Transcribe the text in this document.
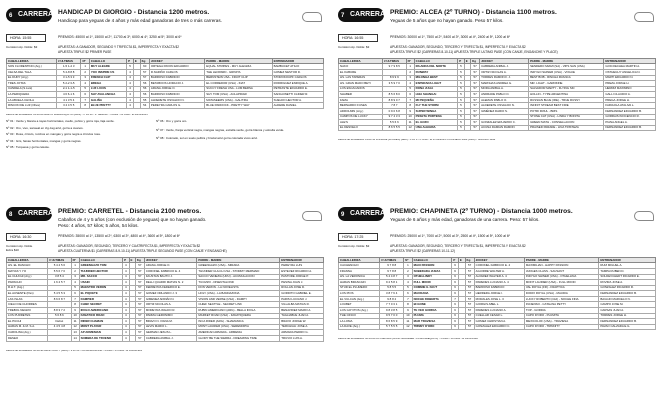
6 CARRERA HANDICAP DI GIORGIO - Distancia 1200 metros.
Handicap para yeguas de 4 años y más edad ganadoras de tres o más carreras.
HORA: 15:55	PREMIOS: 45000 al 1º, 15000 al 2º, 11700 al 3º, 6000 al 4º, 3250 al 5º, 3000 al 6º
Comisión Ap. Doble: $3	APUESTAS: A GANADOR, SEGUNDO Y TRIFECTA $1, IMPERFECTA Y EXACTA $2
APUESTA TRIPLE $2 PRIMER PASE
CABALLERIZA	# ULTIMAS	Nº	CABALLO	P	E	Kg	JOCKEY	PADRE - MADRE	ENTRENADOR
SON FLORENTINO (Arg.)	1-5 1-2 3	1	MUY ALEGRE	5		60	ORTEGA PAVON EDUARDO	EQUAL STRIPES - MUY ALEGRIA	BAMBUCET ATILIO
CELSA DEL TALA	5 4-8 8 8	2	YOU INSPIRE US	4		57	R.NARIÑO CARLOS	THE LEOPARD - GRINITA	GOMEZ NESTOR D.
EL DUDY (Arg.)	3 1-5 3 3	3	FRENCH CLIP	4		57	BARROSO FABRICIO	BERNSTEIN USA - FRUIT CLIP	STOROKOUPF CARLOS
TRES JOTAS	5 2-2 3-5	4	BREGA	4		56	BETABOOS HORACIO J.	EL CORREDOR (USA) - INAT	RODRIGUEZ ENRIQUE A.
CANDELA (S.Luis)	2-1 1-1-5	5	LUZ LUCIS	4		56	ARANA JORGE O.	SUCCY FRESH USA - LUM BERSA	PETRASTE EDUARDO E.
LA PERIQUERA	4 6 6-1 6	6	SHY AVALANCHA	4		56	BARROSO FABRICIO	SHY TOM (USA) - ACLAPIDAR	SANGUINETTI CLIDER R.
LA ABUELA CHOLA	4 1 3 5 4	7	GALIÑA	4		55	ALDERETE OSVALDO N.	MATASEEMS (USA) - GALITZIA	SUELDO HECTOR A.
RINCON DE LUZ (Oliva)	3 4 4 5 5	8	BLUE PRETTY	4		54	PEREYRA CARLOS G.	BLUE PADDOCK - PRETTY WAY	ALDERE DANIEL
Récord de la distancia: 01-10-09 HARTO BURRASQUITO (ARG) - 1' 09"00 - P. Sanchez - 5 Años - 61 Kilos - el 20/10/2005
Nº 01 : Verde y blanca a rayas horizontales, cuello, puños y gorra roja, faja verde.
Nº 02 : Oro, vivo, sanseal en zig-zag azul, gorra a cuanos.
Nº 03 : Rosa, círculo, rombos en mangas y gorra negra a círculos rosa.
Nº 04 : Gris, faixas horizontales, mangas y gorra negras.
Nº 05 : Turquesa y gorra celeste.
Nº 06 : Oro y gorra oro.
Nº 07 : Verde, franja vertical negra, mangas negras, estrella verde, gorra blanca y estrella verde.
Nº 08 : Colorado, sol en suelo pelliza y brazal azul gorra colorada vivos azul.
7 CARRERA PREMIO: ALCEA (2º TURNO) - Distancia 1100 metros.
Yeguas de 5 años que no hayan ganado. Peso 57 kilos.
HORA: 16:55	PREMIOS: 30000 al 1º, 7500 al 2º, 5400 al 3º, 3000 al 4º, 2400 al 5º, 1200 al 6º
Comisión Ap. Doble: $3	APUESTAS: GANADOR, SEGUNDO, TERCERO Y TRIFECTA $1, IMPERFECTA Y EXACTA $2
APUESTA TRIPLE $2 (CARRERAS 8-10-11) APUESTA TRIPLE ULTIMO PASE (CON CANJE, ENGANCHE Y PLACE)
CABALLERIZA	# ULTIMAS	Nº	CABALLO	P	E	Kg	JOCKEY	PADRE - MADRE	ENTRENADOR
NAKO	9 7 9 8 5	1	IRLANDA DEL NORTE	5		57	CABRERA ANIBAL J.	SENDERO MIAMI (SA) - VIPS SAN (USA)	GOICOECHEA MARTIN A.
EL KABURE		2	RUNWAY	5		57	ORTIZ NICOLAS A.	INDYGO SHINER (USA) - VOGUE	OSTHEGUY ANGELICA N.
HS. LAS TAPERAS	8 9 9 9	3	MILONGA BEST	5		57	TORRES RAMON F. J.	BEST BOB - RINCHA FRANCA	MARTI EDUARDO N.
HS. GRAN MADO BETI	3 5 9 7 0	4	ESPERADA LIGHT	5		57	MARNHAS ANDREA G.	MR. LIGHT - GARDINNE	PREZA JORGE H.
LOS ESCACADOS		5	DOÑA JULIA	5		57	MORA ANIBAL A.	SALVADOR MARTY - FLYING SKI	HERRIZ MAXIMINO
SHABER	8 5 6 8 0	6	HIJA SHANGAI	5		57	ANDRADE PABLO O.	HOLLIN - TYPE ARGENTINA	GALLI CLAUDIO A.
FAMA	8 8 9 0 7	7	MI PEQUEÑA	5		57	ALEMAN PABLO O.	RUSSIAN BLUE (IRE) - TRUE RUSSY	PREGA JORGE H.
BERNARDO FUSES	7 8 7	8	FLY THE STORM	5		57	ALDERETE OSVALDO N.	INFINIT STREAM BEST FIRE	FARIAOLA ATALIVA L.
ADROLMIN (Arg.)	0 9 0 6 8	9	SUPER WINGA	5		57	GIMÉNEZ DARIO S.	POTRI FRIUL - BRIS	FERNANDEZ EDUARDO B.
CAMPOS DE LUCKY	9 7 4 3 3	10	PESETA PORTEÑA	5		57		STONE CAT (USA) - LINDA Y BONITA	GORRAIS INOCENCIO R.
ALE'S	5 5 6 6	11	EL GOZO	5		57	GONZALEZ EDUARDO C.	GREEN MATH - CONSELLACION	PIANA ANGEL A.
EL DESVELO	8 6 5 5 5	12	UNA ALEGRIA	5		57	ACUÑA DAMIAN RAMON	PRAISED PARADE - LINA TRISTEZA	FERNANDEZ EDUARDO B.
Récord de la distancia: 11-01-11 PINNACE (FLORES) (BRZ) - 1'05"0 - P. Arce - el 17/08/2014 J.CONSEJO 2002 (ARG) - ISIDORO 1993
8 CARRERA PREMIO: CARRETEL - Distancia 2100 metros.
Caballos de 4 y 5 años (con exclusión de yeguas) que no hayan ganado.
Peso: 4 años, 57 kilos; 5 años, 54 kilos.
HORA: 16:30	PREMIOS: 35000 al 1º, 13500 al 2º, 6300 al 3º, 4800 al 4º, 3600 al 5º, 1800 al 6º
Comisión Ap. Doble
Extra $10
APUESTAS: GANADOR, SEGUNDO, TERCERO Y CUATRIFECTA $1, IMPERFECTA Y EXACTA $2
APUESTA CUATERNA $1 (CARRERAS 8-9-10-11) APUESTA TRIPLE SEGUNDO PASE (CON CANJE Y ENGANCHE)
CABALLERIZA	# ULTIMAS	Nº	CABALLO	P	E	Kg	JOCKEY	PADRE - MADRE	ENTRENADOR
HS. EL RANCHO	5 4 4 5 6	1	GREENGAZO TOM	4		57	ARANA JORGE O.	GREENGAZO (USA) - MIRADA	PEREYRA LUIS
MATIAS Y YO	5 5 6 7 0	2	THUNDER HECTOR	4		57	CORONEL FABRICIO E. 4	THUNDER GULCH USA - STORMY MERMAID	ESTEVEZ RICARDO A.
EL CHUCHI (Arg.)	3 8 5 4	3	MR. SACCO	4		57	FAUSTAN BAUTO J.	SACCO VENEZIA (URU) - ACUMULACION	PASTORE JORGE P.
PAPACHO	1 6 4 5 7	4	USAIN	4		57	DELLI QUADRI MATIAS N. 2	TUCIZZO - DISENTALOND	PESINA JUAN J.
R.H.T. (Arg.)		5	MAESTRO VERÓN	4		57	FERREYRA FEDERICO E.	DON VERON - LA NOVELISTA	ROLLAN JOSE D.
EL AUSENTE (Pan)	5 4 5 5 3	6	EL PIQUETE	4		57	GOMEZ ORLANDO J. 3	HOLY (USA) - LA BANDAZONA	GORDITO GABRIEL E.
LAS ISLAS	8 6 6 8 7	7	DAMPIER	4		57	GIMENEZ ADRIÁN N.	VISION AND VERSE (USA) - DAMPY	PARISI LUCIANO J.
CIELO DE CHORRES		8	CHIEF SECRET	4		57	ORTIZ NICOLAS A.	CHIEF SEATTLE - SECRET LINK	VILLALBA MATIAS R.
TREBOL NEGRO	8 8 3 7 2	9	IDOLO AMERICANO	4		57	MOREYRA WALDO R.	RUBIN AMERICANO (ARG) - BELLA IDOLA	BENAVIDEZ MARIO A.
LOS PURRETES	5 6 8 6	10	FANATICO ROAD	4		57	PARMA GERONIMO	MARKET ROAD (USA) - FANATIQUERA	TAGLIABUE JUAN A.
EL PUCHI	Debut	11	RIDER CHAMAN	4		57	BRAVO N. IVANA M.	INCA RIDER (ARG) - SHAMANICA	BRAVO JORGE W.
HARAS M. & M. S.A.	4 4 5 4 8	12	MONT PLAYER	4		57	LEVIS MARIO L.	MONT LAURIER (USA) - SERENDIPIA	TERCHIALI JOSE A.
CAROLINA (Arg.)		13	AP ARMENIAN	4		57	GERMAN JESUS L.	AMERICAN ARMADA - ARMENIA	ARMADA PEDRO G.
DESEO		14	SOMBRA DE TRUENO	4		57	CABRERA ANIBAL J.	GLORY BE THE SIERRA - DREAMING TIME	TRUVIO LUIS A.
Récord de la distancia: 02-06-93 ARISTOCATY (ARG) - 2'10"00 - LA GANDOLFINA - 3 Años - 55 Kilos - el 16/06/1993
9 CARRERA PREMIO: CHAPINETA (2º TURNO) - Distancia 1000 metros.
Yeguas de 6 años y más edad, ganadoras de una carrera. Peso: 57 kilos.
HORA: 17:25	PREMIOS: 25000 al 1º, 7000 al 2º, 5000 al 3º, 2500 al 4º, 1500 al 5º, 1000 al 6º
Comisión Ap. Doble: $3	APUESTAS: GANADOR, SEGUNDO, TERCERO Y TRIFECTA $1, IMPERFECTA Y EXACTA $2
APUESTA TRIPLE $2 (CARRERAS 10-11-12)
CABALLERIZA	# ULTIMAS	Nº	CABALLO	P	E	Kg	JOCKEY	PADRE - MADRE	ENTRENADOR
CACHENCHO	9 7 8 8	1	MAXI PASSION	6		57	CORONEL FABRICIO E. 4	MAXIMILIAN - HAPPY PASSION	RUIZ MIGUEL A.
FRANNA	9 7 8 8	2	SOBEDADA JUEZA	6		57	AGUIRRE WALTER A.	JUDGES CLASS - SAUSANT	TAMPA RUBEN D.
HS. LA VERÓNICA	5 4 4 8 7	3	OTHELLINDY	6		57	ALVAREZ WALTER A. 4	INDYGO SHINER (USA) - OTHELLINA	SOLDEVCHEDT RICARDO E.
HARAS BRASCAIN	9 2 5 8 1	4	FULL MOOD	6		57	PAREDES LUCIANO A. 4	MONT LAURIER (USA) - FULL MOOD	ROVIRA JOSE A.
STUD EL PLUMERO	5 8 5 5	5	COMMIE IL FAUT	6		57	BARROSO FABRICIO	VAL ROYAL (FR) - FRAPTICA	GONZALEZ RICARDO R.
LOS PIOS	3 8 7 6 4	6	MAUDANA	6		57	HERRERA JORGE I.	DODIX ROYAL (USA) - MAUDIA	FERNANDEZ EDUARDO B.
EL VULCAN (Arg.)	9 8 8 4	7	NOCHE ROBERTA	7		57	MORALES JOSE L. 3	LUCKY ROBERTO (CHI) - NOCHE FINA	BAGGIO MARCELO N.
LOUBET	7 7 0 3 1	8	BI GONE	6		57	GIORGIS ABEL L.	INCIENSO - CATALINA PETTY	CAMPO JOSE M.
LOS GOYITOS (Arg.)	9 8 3 8 5	9	TE VEO GORDIA	6		57	PAREDES LUCIANO A.	TOP - GORDIA	CARSAS JUAN A.
THE CINCO	9 5 7 0 0	10	PLUMA	6		57	CUELLAR CESAR L.	CAPO D'ORO - PLUMITA	TORRES JORGE H.
LA LOMA	8 6 8 5 9	11	MAR TRAVIESA	6		57	GOMEZ CHRISTIAN A.	MEXICOLOF (USA) - TRAVIESA	FERNANDEZ EDUARDO B.
LA DAVE (Arg.)	5 7 5 5 5	12	TRINNY D'ORO	6		57	GONZALEZ EDUARDO C.	CAPO D'ORO - TRINNITY	PAVAO CALZADA E.G.
Récord de la distancia: 02-05-09 LA CARORA (GOOD GRANDEE - LA MUNDEQUITA) - 5 Años - 58 Kilos - el 11/05/1999
